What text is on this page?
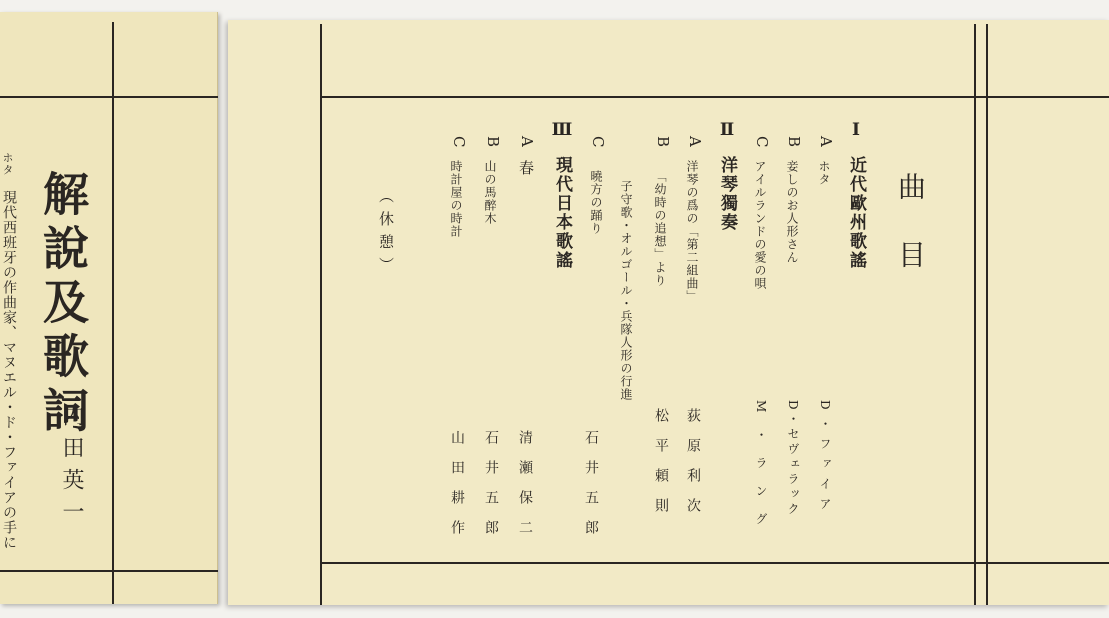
解說及歌詞
内田英一
ホタ
現代西班牙の作曲家、マヌエル・ド・ファイアの手に	曲目
Ⅰ
近代歐州歌謠
A
ホタ
D・ファイア
B
妾しのお人形さん
D・セヴェラック
C
アイルランドの愛の唄
M・ラング
Ⅱ
洋琴獨奏
A
洋琴の爲の「第二組曲」
荻原利次
B
「幼時の追想」より
子守歌・オルゴール・兵隊人形の行進
松平頼則
C
曉方の踊り
石井五郎
Ⅲ
現代日本歌謠
A
春
清瀬保二
B
山の馬醉木
石井五郎
C
時計屋の時計
山田耕作
（休憩）
